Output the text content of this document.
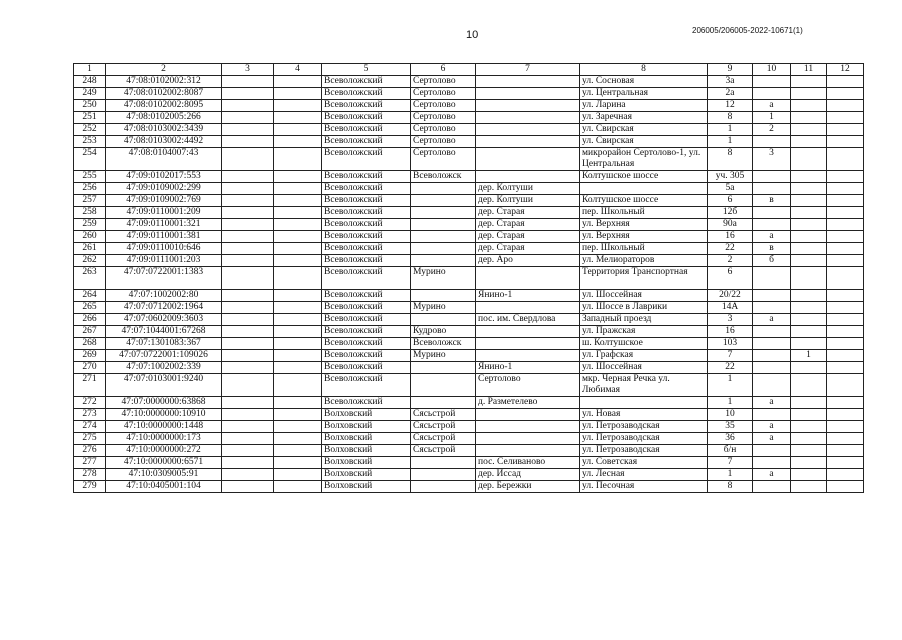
10	206005/206005-2022-10671(1)
1	2	3	4	5	6	7	8	9	10	11	12
248	47:08:0102002:312			Всеволожский	Сертолово		ул. Сосновая	3а			
249	47:08:0102002:8087			Всеволожский	Сертолово		ул. Центральная	2а			
250	47:08:0102002:8095			Всеволожский	Сертолово		ул. Ларина	12	а		
251	47:08:0102005:266			Всеволожский	Сертолово		ул. Заречная	8	1		
252	47:08:0103002:3439			Всеволожский	Сертолово		ул. Свирская	1	2		
253	47:08:0103002:4492			Всеволожский	Сертолово		ул. Свирская	1			
254	47:08:0104007:43			Всеволожский	Сертолово		микрорайон Сертолово-1, ул. Центральная	8	3		
255	47:09:0102017:553			Всеволожский	Всеволожск		Колтушское шоссе	уч. 305			
256	47:09:0109002:299			Всеволожский		дер. Колтуши		5а			
257	47:09:0109002:769			Всеволожский		дер. Колтуши	Колтушское шоссе	6	в		
258	47:09:0110001:209			Всеволожский		дер. Старая	пер. Школьный	12б			
259	47:09:0110001:321			Всеволожский		дер. Старая	ул. Верхняя	90а			
260	47:09:0110001:381			Всеволожский		дер. Старая	ул. Верхняя	16	а		
261	47:09:0110010:646			Всеволожский		дер. Старая	пер. Школьный	22	в		
262	47:09:0111001:203			Всеволожский		дер. Аро	ул. Мелиораторов	2	б		
263	47:07:0722001:1383			Всеволожский	Мурино		Территория Транспортная	6			
264	47:07:1002002:80			Всеволожский		Янино-1	ул. Шоссейная	20/22			
265	47:07:0712002:1964			Всеволожский	Мурино		ул. Шоссе в Лаврики	14А			
266	47:07:0602009:3603			Всеволожский		пос. им. Свердлова	Западный проезд	3	а		
267	47:07:1044001:67268			Всеволожский	Кудрово		ул. Пражская	16			
268	47:07:1301083:367			Всеволожский	Всеволожск		ш. Колтушское	103			
269	47:07:0722001:109026			Всеволожский	Мурино		ул. Графская	7		1	
270	47:07:1002002:339			Всеволожский		Янино-1	ул. Шоссейная	22			
271	47:07:0103001:9240			Всеволожский		Сертолово	мкр. Черная Речка ул. Любимая	1			
272	47:07:0000000:63868			Всеволожский		д. Разметелево		1	а		
273	47:10:0000000:10910			Волховский	Сясьстрой		ул. Новая	10			
274	47:10:0000000:1448			Волховский	Сясьстрой		ул. Петрозаводская	35	а		
275	47:10:0000000:173			Волховский	Сясьстрой		ул. Петрозаводская	36	а		
276	47:10:0000000:272			Волховский	Сясьстрой		ул. Петрозаводская	б/н			
277	47:10:0000000:6571			Волховский		пос. Селиваново	ул. Советская	7			
278	47:10:0309005:91			Волховский		дер. Иссад	ул. Лесная	1	а		
279	47:10:0405001:104			Волховский		дер. Бережки	ул. Песочная	8			
